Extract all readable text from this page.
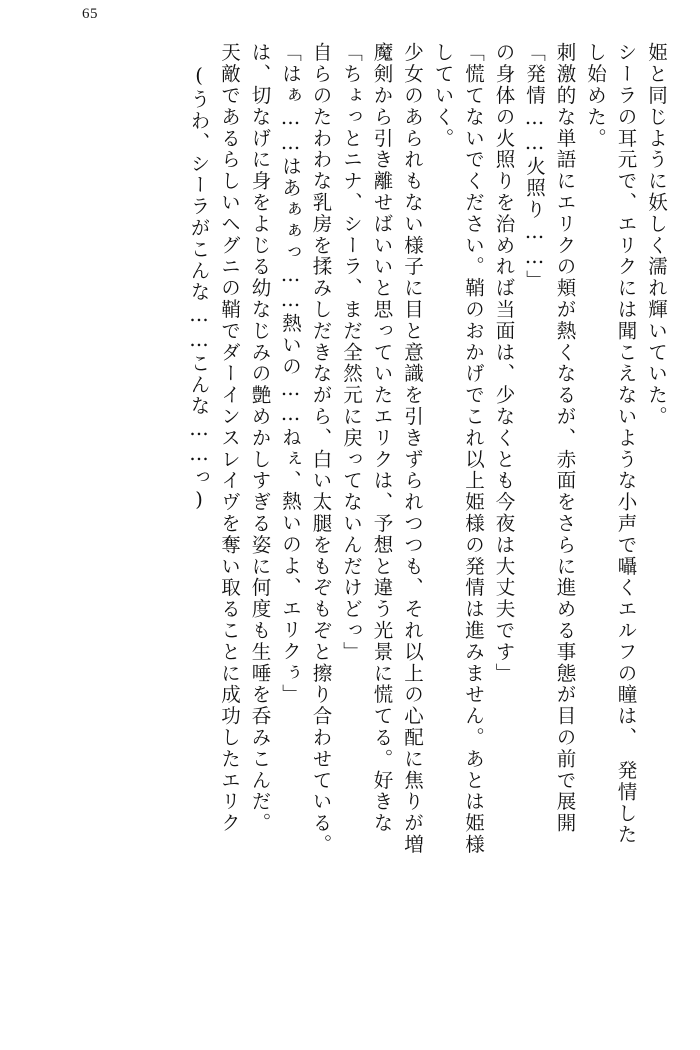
65
姫と同じように妖しく濡れ輝いていた。
シーラの耳元で、エリクには聞こえないような小声で囁くエルフの瞳は、　発情した
し始めた。
刺激的な単語にエリクの頬が熱くなるが、赤面をさらに進める事態が目の前で展開
「発情……火照り……」
の身体の火照りを治めれば当面は、少なくとも今夜は大丈夫です」
「慌てないでください。鞘のおかげでこれ以上姫様の発情は進みません。あとは姫様
していく。
少女のあられもない様子に目と意識を引きずられつつも、それ以上の心配に焦りが増
魔剣から引き離せばいいと思っていたエリクは、予想と違う光景に慌てる。好きな
「ちょっとニナ、シーラ、まだ全然元に戻ってないんだけどっ」
自らのたわわな乳房を揉みしだきながら、白い太腿をもぞもぞと擦り合わせている。
「はぁ……はあぁぁっ……熱いの……ねぇ、熱いのよ、エリクぅ」
は、切なげに身をよじる幼なじみの艶めかしすぎる姿に何度も生唾を呑みこんだ。
天敵であるらしいヘグニの鞘でダーインスレイヴを奪い取ることに成功したエリク
(うわ、シーラがこんな……こんな……っ)
